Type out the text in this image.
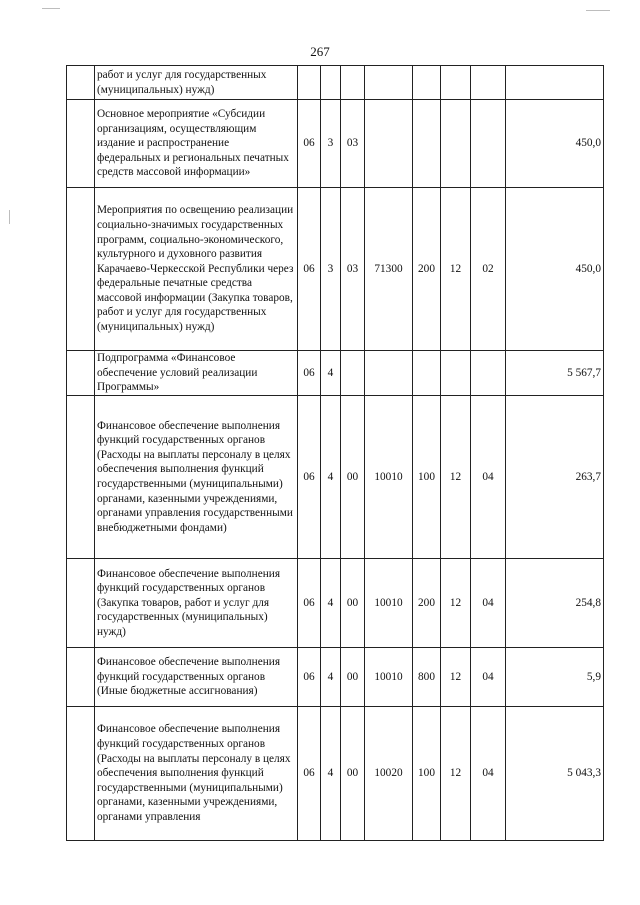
267
	работ и услуг для государственных (муниципальных) нужд)								
	Основное мероприятие «Субсидии организациям, осуществляющим издание и распространение федеральных и региональных печатных средств массовой информации»	06	3	03					450,0
	Мероприятия по освещению реализации социально-значимых государственных программ, социально-экономического, культурного и духовного развития Карачаево-Черкесской Республики через федеральные печатные средства массовой информации (Закупка товаров, работ и услуг для государственных (муниципальных) нужд)	06	3	03	71300	200	12	02	450,0
	Подпрограмма «Финансовое обеспечение условий реализации Программы»	06	4						5 567,7
	Финансовое обеспечение выполнения функций государственных органов (Расходы на выплаты персоналу в целях обеспечения выполнения функций государственными (муниципальными) органами, казенными учреждениями, органами управления государственными внебюджетными фондами)	06	4	00	10010	100	12	04	263,7
	Финансовое обеспечение выполнения функций государственных органов (Закупка товаров, работ и услуг для государственных (муниципальных) нужд)	06	4	00	10010	200	12	04	254,8
	Финансовое обеспечение выполнения функций государственных органов (Иные бюджетные ассигнования)	06	4	00	10010	800	12	04	5,9
	Финансовое обеспечение выполнения функций государственных органов (Расходы на выплаты персоналу в целях обеспечения выполнения функций государственными (муниципальными) органами, казенными учреждениями, органами управления	06	4	00	10020	100	12	04	5 043,3
